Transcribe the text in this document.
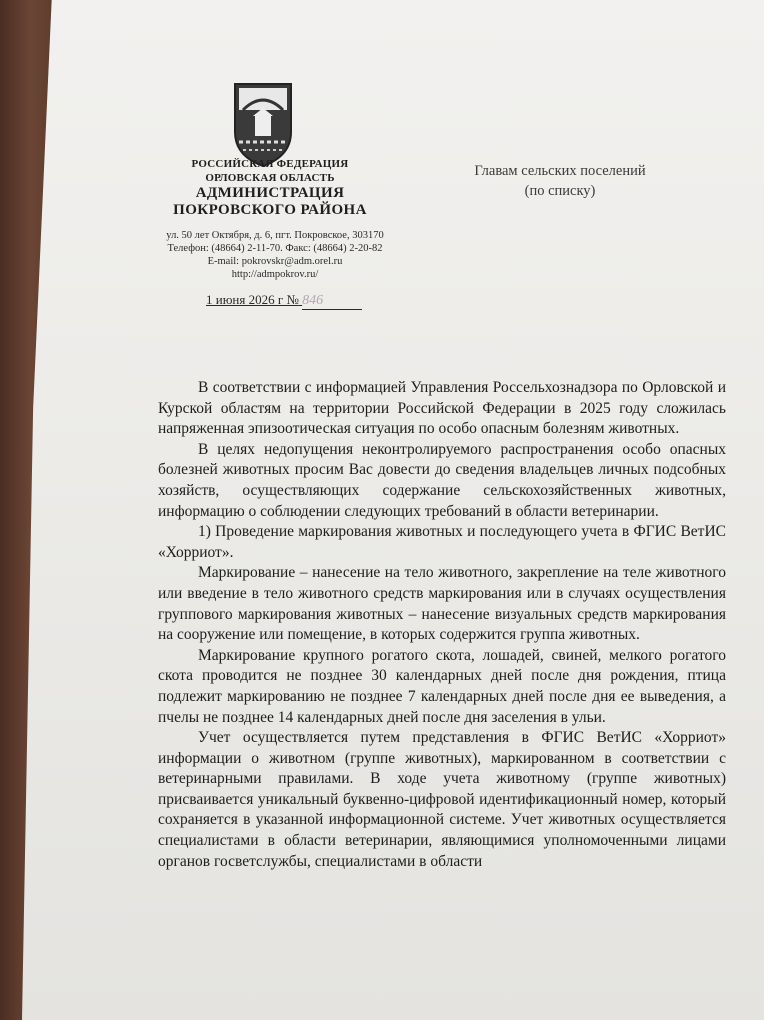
РОССИЙСКАЯ ФЕДЕРАЦИЯ
ОРЛОВСКАЯ ОБЛАСТЬ
АДМИНИСТРАЦИЯ
ПОКРОВСКОГО РАЙОНА
ул. 50 лет Октября, д. 6, пгт. Покровское, 303170
Телефон: (48664) 2-11-70. Факс: (48664) 2-20-82
E-mail: pokrovskr@adm.orel.ru
http://admpokrov.ru/
Главам сельских поселений
(по списку)
1 июня 2026 г № 846

В соответствии с информацией Управления Россельхознадзора по Орловской и Курской областям на территории Российской Федерации в 2025 году сложилась напряженная эпизоотическая ситуация по особо опасным болезням животных.

В целях недопущения неконтролируемого распространения особо опасных болезней животных просим Вас довести до сведения владельцев личных подсобных хозяйств, осуществляющих содержание сельскохозяйственных животных, информацию о соблюдении следующих требований в области ветеринарии.

1) Проведение маркирования животных и последующего учета в ФГИС ВетИС «Хорриот».

Маркирование – нанесение на тело животного, закрепление на теле животного или введение в тело животного средств маркирования или в случаях осуществления группового маркирования животных – нанесение визуальных средств маркирования на сооружение или помещение, в которых содержится группа животных.

Маркирование крупного рогатого скота, лошадей, свиней, мелкого рогатого скота проводится не позднее 30 календарных дней после дня рождения, птица подлежит маркированию не позднее 7 календарных дней после дня ее выведения, а пчелы не позднее 14 календарных дней после дня заселения в ульи.

Учет осуществляется путем представления в ФГИС ВетИС «Хорриот» информации о животном (группе животных), маркированном в соответствии с ветеринарными правилами. В ходе учета животному (группе животных) присваивается уникальный буквенно-цифровой идентификационный номер, который сохраняется в указанной информационной системе. Учет животных осуществляется специалистами в области ветеринарии, являющимися уполномоченными лицами органов госветслужбы, специалистами в области
